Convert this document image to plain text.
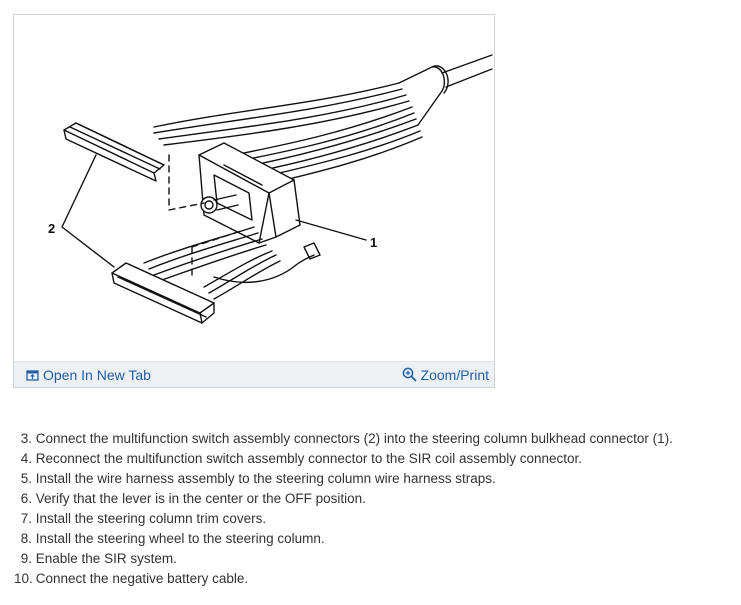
2
1
Open In New Tab	Zoom/Print
3. Connect the multifunction switch assembly connectors (2) into the steering column bulkhead connector (1).
4. Reconnect the multifunction switch assembly connector to the SIR coil assembly connector.
5. Install the wire harness assembly to the steering column wire harness straps.
6. Verify that the lever is in the center or the OFF position.
7. Install the steering column trim covers.
8. Install the steering wheel to the steering column.
9. Enable the SIR system.
10. Connect the negative battery cable.
